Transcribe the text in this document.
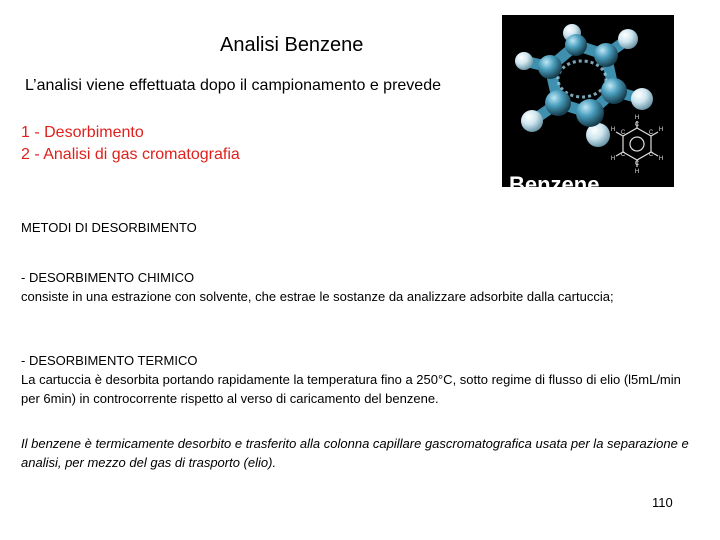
Analisi Benzene
L’analisi viene effettuata dopo il campionamento e prevede
1 - Desorbimento
2 - Analisi di gas cromatografia
METODI DI DESORBIMENTO
- DESORBIMENTO CHIMICO
consiste in una estrazione con solvente, che estrae le sostanze da analizzare adsorbite dalla cartuccia;
- DESORBIMENTO TERMICO
La cartuccia è desorbita portando rapidamente la temperatura fino a 250°C, sotto regime di flusso di elio (l5mL/min per 6min) in controcorrente rispetto al verso di caricamento del benzene.
Il benzene è termicamente desorbito e trasferito alla colonna capillare gascromatografica usata per la separazione e analisi, per mezzo del gas di trasporto (elio).
110
C
H
C H
C
H
C
H
C
H
C
H
Benzene
